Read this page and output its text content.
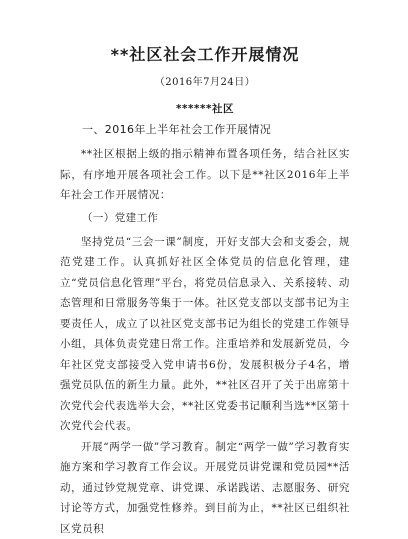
**社区社会工作开展情况
（2016年7月24日）
******社区
一、2016年上半年社会工作开展情况

**社区根据上级的指示精神布置各项任务，结合社区实际，有序地开展各项社会工作。以下是**社区2016年上半年社会工作开展情况：

（一）党建工作

坚持党员“三会一课”制度，开好支部大会和支委会，规范党建工作。认真抓好社区全体党员的信息化管理，建立“党员信息化管理”平台，将党员信息录入、关系接转、动态管理和日常服务等集于一体。社区党支部以支部书记为主要责任人，成立了以社区党支部书记为组长的党建工作领导小组，具体负责党建日常工作。注重培养和发展新党员，今年社区党支部接受入党申请书6份，发展积极分子4名，增强党员队伍的新生力量。此外，**社区召开了关于出席第十次党代会代表选举大会，**社区党委书记顺利当选**区第十次党代会代表。

开展“两学一做”学习教育。制定“两学一做”学习教育实施方案和学习教育工作会议。开展党员讲党课和党员园**活动，通过钞党规党章、讲党课、承诺践诺、志愿服务、研究讨论等方式，加强党性修养。到目前为止，**社区已组织社区党员积
